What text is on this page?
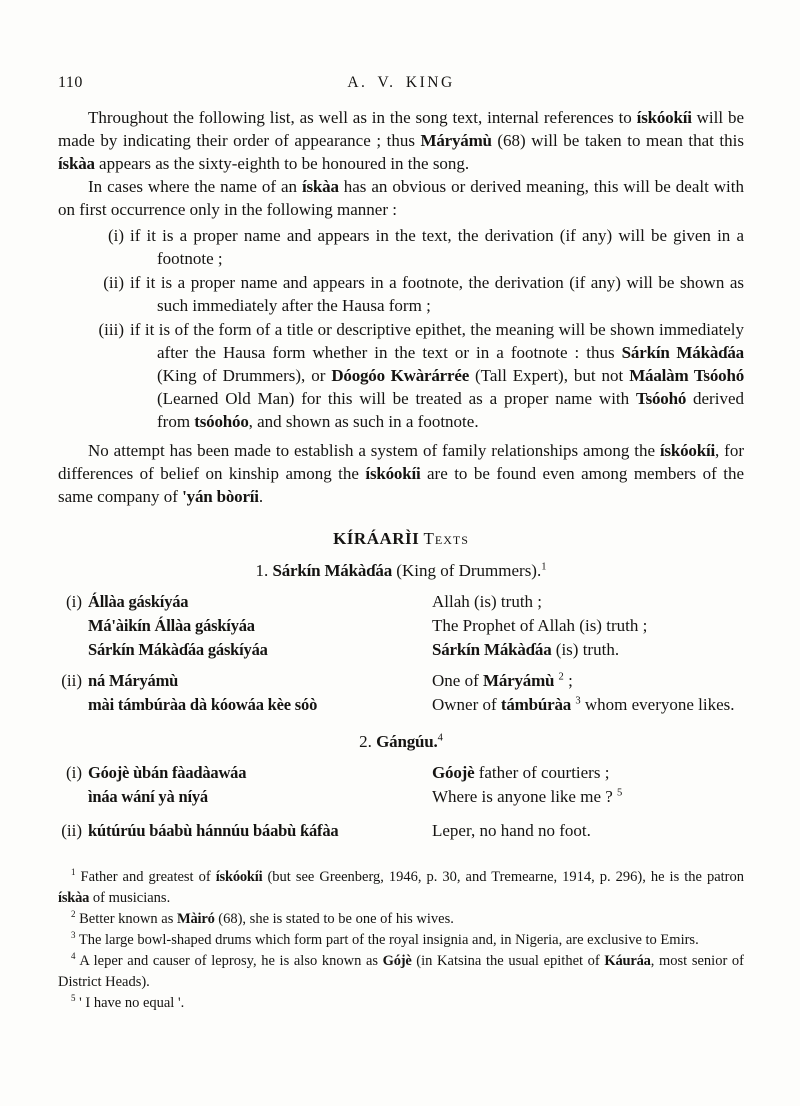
110	A. V. KING

Throughout the following list, as well as in the song text, internal references to ískóokíi will be made by indicating their order of appearance ; thus Máryámù (68) will be taken to mean that this ískàa appears as the sixty-eighth to be honoured in the song.

In cases where the name of an ískàa has an obvious or derived meaning, this will be dealt with on first occurrence only in the following manner :

(i) if it is a proper name and appears in the text, the derivation (if any) will be given in a footnote ;
(ii) if it is a proper name and appears in a footnote, the derivation (if any) will be shown as such immediately after the Hausa form ;
(iii) if it is of the form of a title or descriptive epithet, the meaning will be shown immediately after the Hausa form whether in the text or in a footnote : thus Sárkín Mákàɗáa (King of Drummers), or Dóogóo Kwàrárrée (Tall Expert), but not Máalàm Tsóohó (Learned Old Man) for this will be treated as a proper name with Tsóohó derived from tsóohóo, and shown as such in a footnote.

No attempt has been made to establish a system of family relationships among the ískóokíi, for differences of belief on kinship among the ískóokíi are to be found even among members of the same company of 'yán bòoríi.

KÍRÁARÌI Texts
1. Sárkín Mákàɗáa (King of Drummers).$^1$
(i) Állàa gáskíyáa
Má'àikín Állàa gáskíyáa
Sárkín Mákàɗáa gáskíyáa
Allah (is) truth ;
The Prophet of Allah (is) truth ;
Sárkín Mákàɗáa (is) truth.
(ii) ná Máryámù
mài támbúràa dà kóowáa kèe sóò
One of Máryámù $^2$ ;
Owner of támbúràa $^3$ whom everyone likes.
2. Gángúu.$^4$
(i) Góojè ùbán fàadàawáa
ìnáa wání yà níyá
Góojè father of courtiers ;
Where is anyone like me ? $^5$
(ii) kútúrúu báabù hánnúu báabù ƙáfàa	Leper, no hand no foot.

$^1$ Father and greatest of ískóokíi (but see Greenberg, 1946, p. 30, and Tremearne, 1914, p. 296), he is the patron ískàa of musicians.

$^2$ Better known as Màiró (68), she is stated to be one of his wives.

$^3$ The large bowl-shaped drums which form part of the royal insignia and, in Nigeria, are exclusive to Emirs.

$^4$ A leper and causer of leprosy, he is also known as Gójè (in Katsina the usual epithet of Káuráa, most senior of District Heads).

$^5$ ' I have no equal '.
